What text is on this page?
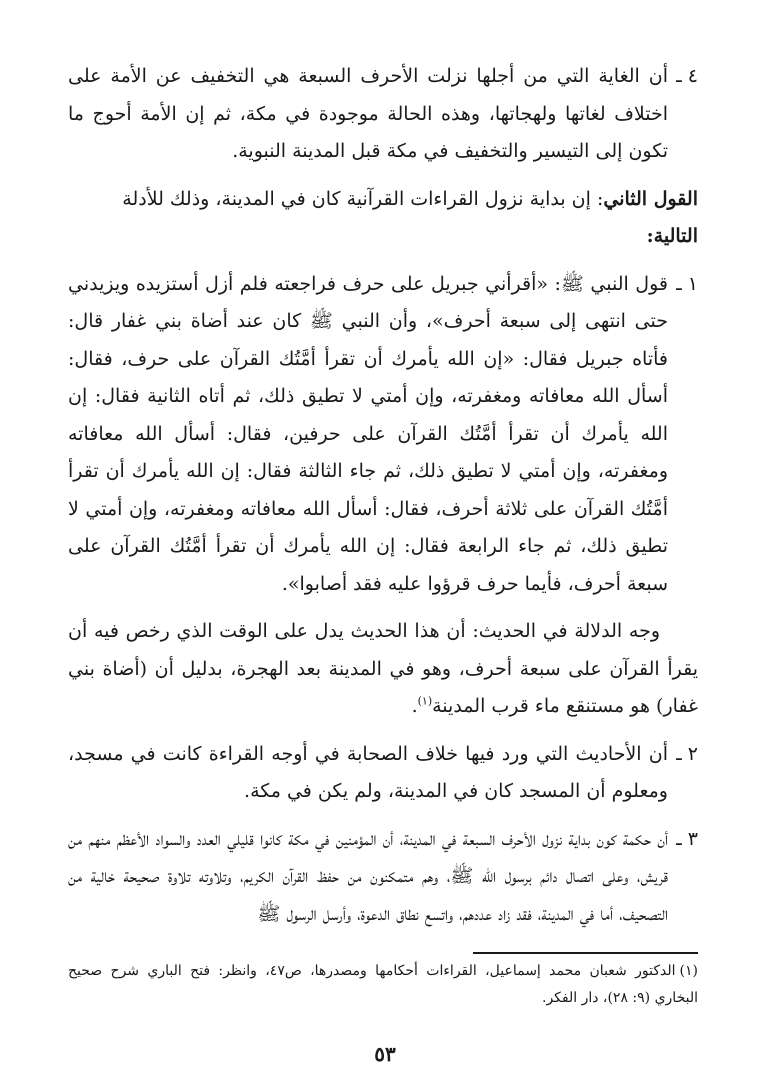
٤ ـ
أن الغاية التي من أجلها نزلت الأحرف السبعة هي التخفيف عن الأمة على اختلاف لغاتها ولهجاتها، وهذه الحالة موجودة في مكة، ثم إن الأمة أحوج ما تكون إلى التيسير والتخفيف في مكة قبل المدينة النبوية.
القول الثاني: إن بداية نزول القراءات القرآنية كان في المدينة، وذلك للأدلة
التالية:
١ ـ
قول النبي ﷺ: «أقرأني جبريل على حرف فراجعته فلم أزل أستزيده ويزيدني حتى انتهى إلى سبعة أحرف»، وأن النبي ﷺ كان عند أضاة بني غفار قال: فأتاه جبريل فقال: «إن الله يأمرك أن تقرأ أمَّتُك القرآن على حرف، فقال: أسأل الله معافاته ومغفرته، وإن أمتي لا تطيق ذلك، ثم أتاه الثانية فقال: إن الله يأمرك أن تقرأ أمَّتُك القرآن على حرفين، فقال: أسأل الله معافاته ومغفرته، وإن أمتي لا تطيق ذلك، ثم جاء الثالثة فقال: إن الله يأمرك أن تقرأ أمَّتُك القرآن على ثلاثة أحرف، فقال: أسأل الله معافاته ومغفرته، وإن أمتي لا تطيق ذلك، ثم جاء الرابعة فقال: إن الله يأمرك أن تقرأ أمَّتُك القرآن على سبعة أحرف، فأيما حرف قرؤوا عليه فقد أصابوا».
وجه الدلالة في الحديث: أن هذا الحديث يدل على الوقت الذي رخص فيه أن يقرأ القرآن على سبعة أحرف، وهو في المدينة بعد الهجرة، بدليل أن (أضاة بني غفار) هو مستنقع ماء قرب المدينة$^{(١)}$.
٢ ـ
أن الأحاديث التي ورد فيها خلاف الصحابة في أوجه القراءة كانت في مسجد، ومعلوم أن المسجد كان في المدينة، ولم يكن في مكة.
٣ ـ
أن حكمة كون بداية نزول الأحرف السبعة في المدينة، أن المؤمنين في مكة كانوا قليلي العدد والسواد الأعظم منهم من قريش، وعلى اتصال دائم برسول الله ﷺ، وهم متمكنون من حفظ القرآن الكريم، وتلاوته تلاوة صحيحة خالية من التصحيف، أما في المدينة، فقد زاد عددهم، واتسع نطاق الدعوة، وأرسل الرسول ﷺ
(١)الدكتور شعبان محمد إسماعيل، القراءات أحكامها ومصدرها، ص٤٧، وانظر: فتح الباري شرح صحيح البخاري (٩: ٢٨)، دار الفكر.
٥٣
